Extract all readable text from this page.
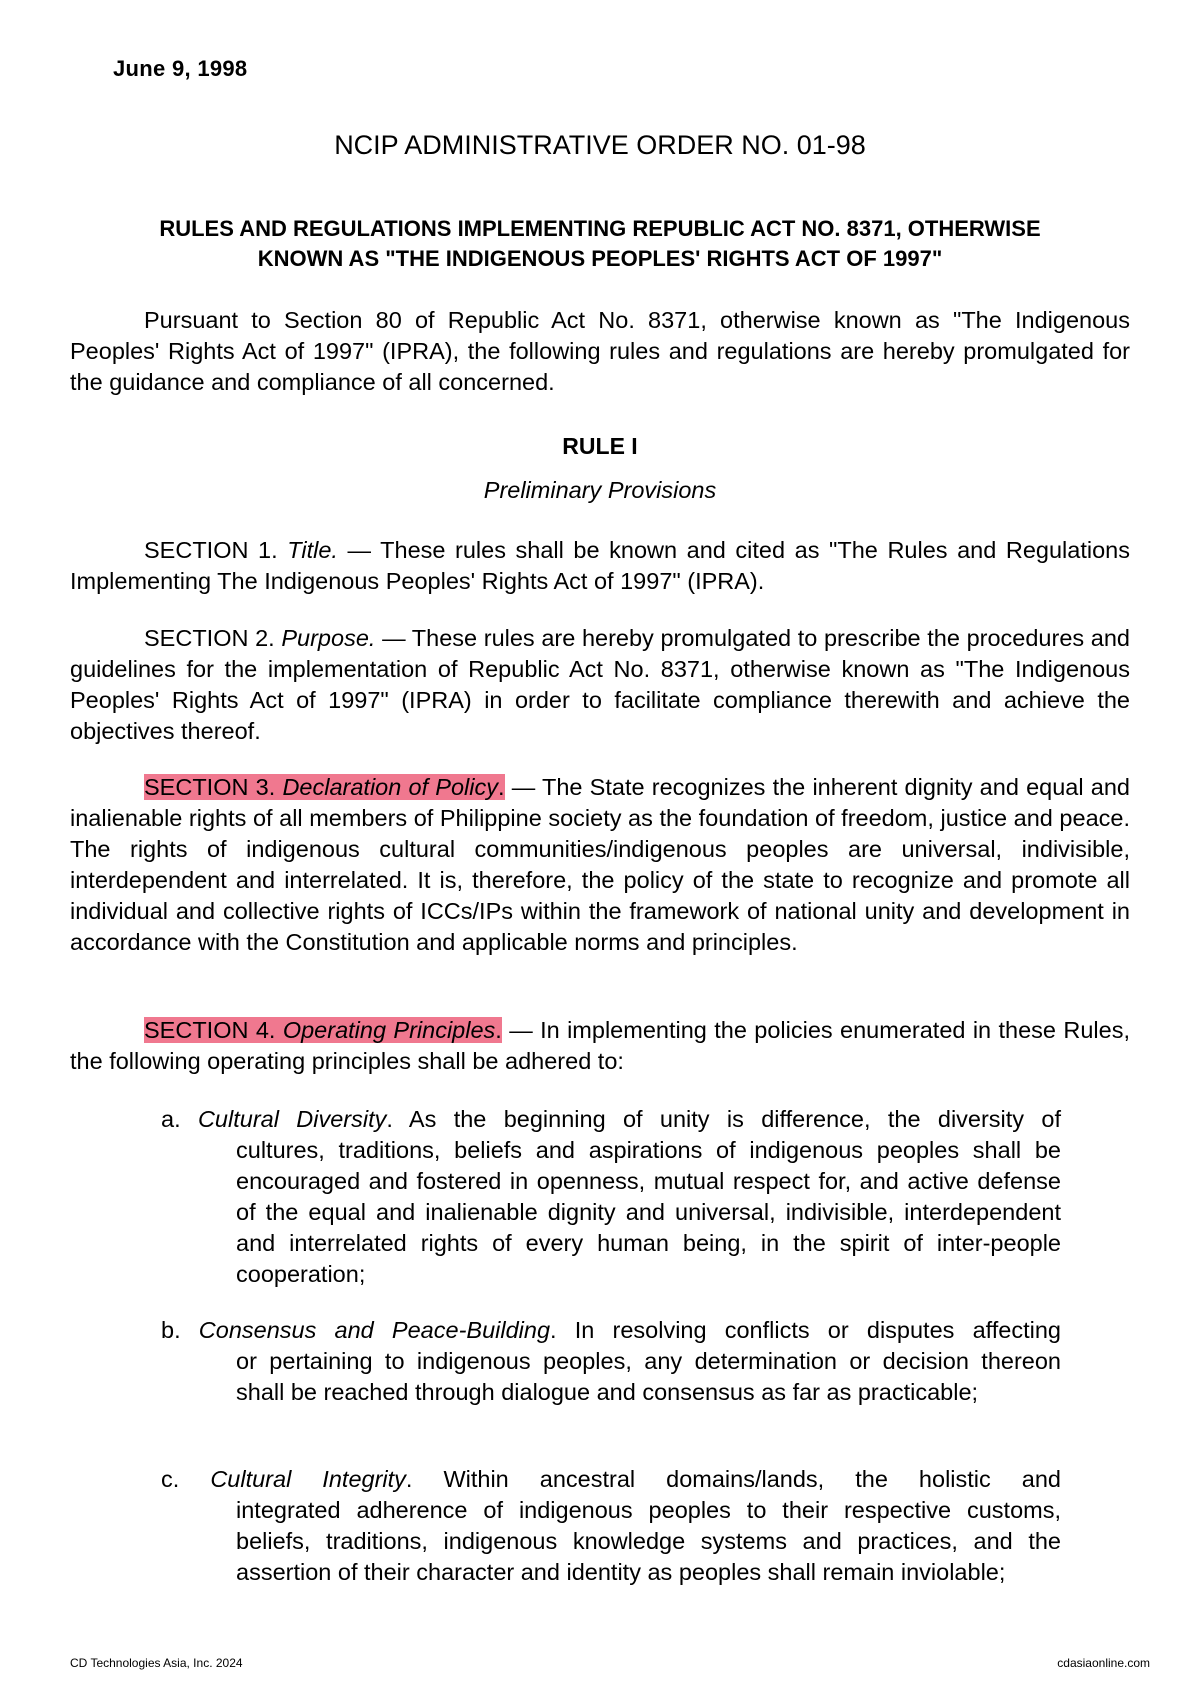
June 9, 1998
NCIP ADMINISTRATIVE ORDER NO. 01-98
RULES AND REGULATIONS IMPLEMENTING REPUBLIC ACT NO. 8371, OTHERWISE
KNOWN AS "THE INDIGENOUS PEOPLES' RIGHTS ACT OF 1997"
Pursuant to Section 80 of Republic Act No. 8371, otherwise known as "The Indigenous Peoples' Rights Act of 1997" (IPRA), the following rules and regulations are hereby promulgated for the guidance and compliance of all concerned.
RULE I
Preliminary Provisions
SECTION 1. Title. — These rules shall be known and cited as "The Rules and Regulations Implementing The Indigenous Peoples' Rights Act of 1997" (IPRA).
SECTION 2. Purpose. — These rules are hereby promulgated to prescribe the procedures and guidelines for the implementation of Republic Act No. 8371, otherwise known as "The Indigenous Peoples' Rights Act of 1997" (IPRA) in order to facilitate compliance therewith and achieve the objectives thereof.
SECTION 3. Declaration of Policy. — The State recognizes the inherent dignity and equal and inalienable rights of all members of Philippine society as the foundation of freedom, justice and peace. The rights of indigenous cultural communities/indigenous peoples are universal, indivisible, interdependent and interrelated. It is, therefore, the policy of the state to recognize and promote all individual and collective rights of ICCs/IPs within the framework of national unity and development in accordance with the Constitution and applicable norms and principles.
SECTION 4. Operating Principles. — In implementing the policies enumerated in these Rules, the following operating principles shall be adhered to:
a. Cultural Diversity. As the beginning of unity is difference, the diversity of
cultures, traditions, beliefs and aspirations of indigenous peoples shall be encouraged and fostered in openness, mutual respect for, and active defense of the equal and inalienable dignity and universal, indivisible, interdependent and interrelated rights of every human being, in the spirit of inter-people cooperation;
b. Consensus and Peace-Building. In resolving conflicts or disputes affecting
or pertaining to indigenous peoples, any determination or decision thereon shall be reached through dialogue and consensus as far as practicable;
c. Cultural Integrity. Within ancestral domains/lands, the holistic and
integrated adherence of indigenous peoples to their respective customs, beliefs, traditions, indigenous knowledge systems and practices, and the assertion of their character and identity as peoples shall remain inviolable;
CD Technologies Asia, Inc. 2024	cdasiaonline.com
